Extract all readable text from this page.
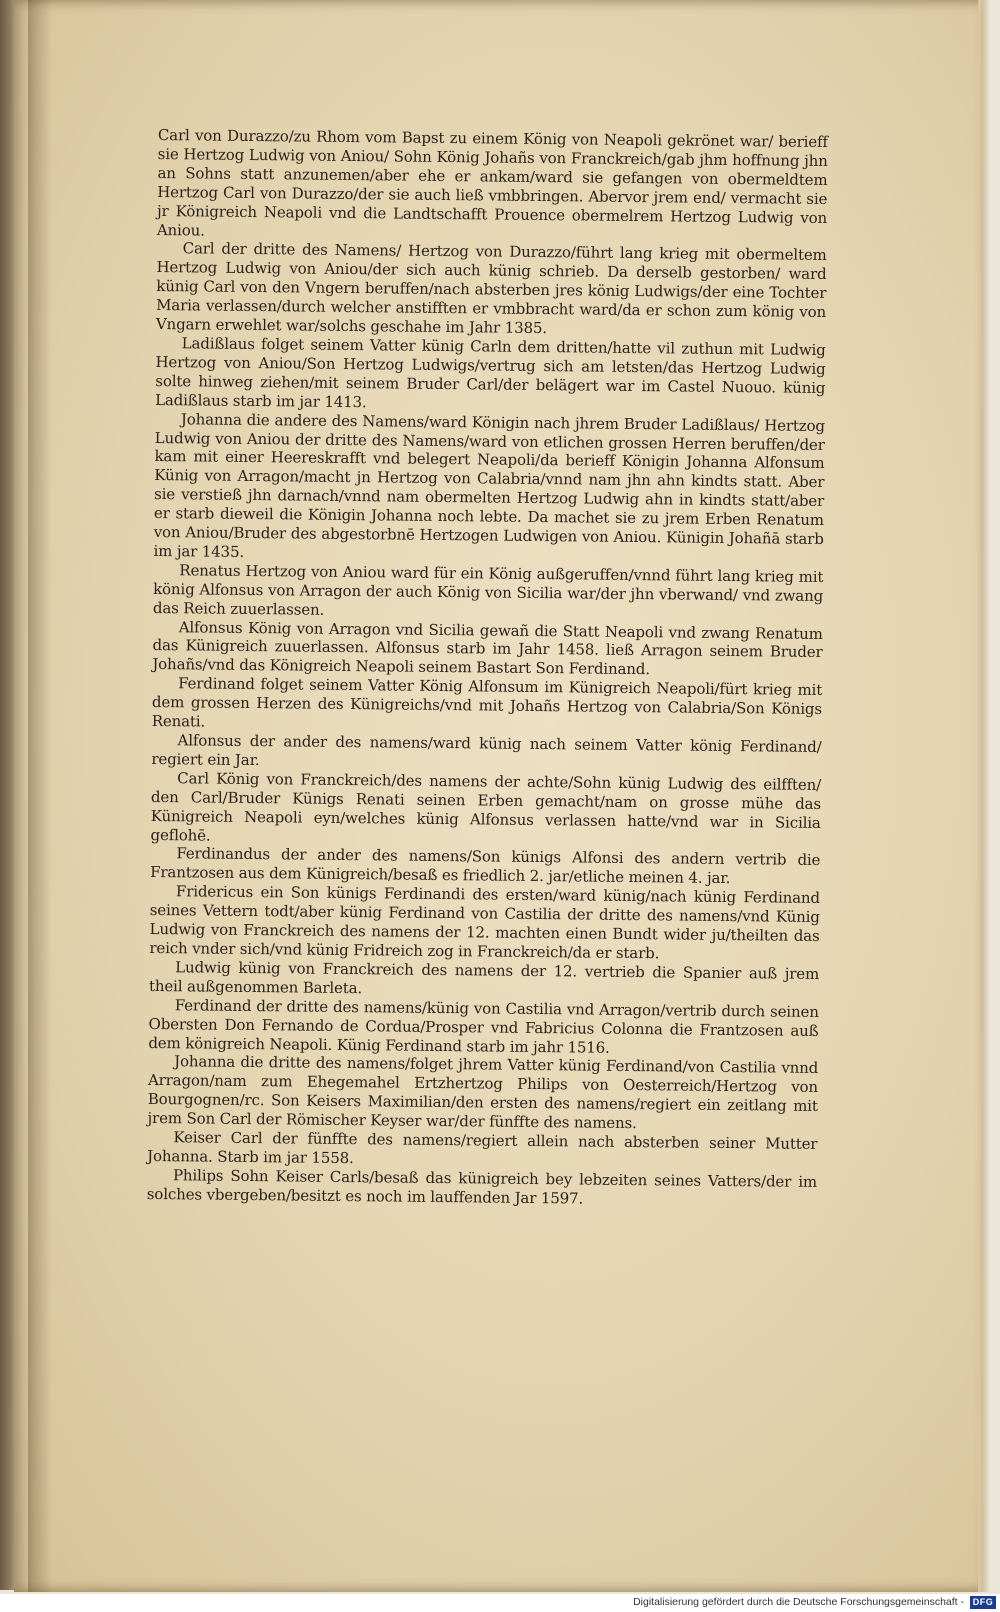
Carl von Durazzo/zu Rhom vom Bapst zu einem König von Neapoli gekrönet war/ berieff sie Hertzog Ludwig von Aniou/ Sohn König Johañs von Franckreich/gab jhm hoffnung jhn an Sohns statt anzunemen/aber ehe er ankam/ward sie gefangen von obermeldtem Hertzog Carl von Durazzo/der sie auch ließ vmbbringen. Abervor jrem end/ vermacht sie jr Königreich Neapoli vnd die Landtschafft Prouence obermelrem Hertzog Ludwig von Aniou.

Carl der dritte des Namens/ Hertzog von Durazzo/führt lang krieg mit obermeltem Hertzog Ludwig von Aniou/der sich auch künig schrieb. Da derselb gestorben/ ward künig Carl von den Vngern beruffen/nach absterben jres könig Ludwigs/der eine Tochter Maria verlassen/durch welcher anstifften er vmbbracht ward/da er schon zum könig von Vngarn erwehlet war/solchs geschahe im Jahr 1385.

Ladißlaus folget seinem Vatter künig Carln dem dritten/hatte vil zuthun mit Ludwig Hertzog von Aniou/Son Hertzog Ludwigs/vertrug sich am letsten/das Hertzog Ludwig solte hinweg ziehen/mit seinem Bruder Carl/der belägert war im Castel Nuouo. künig Ladißlaus starb im jar 1413.

Johanna die andere des Namens/ward Königin nach jhrem Bruder Ladißlaus/ Hertzog Ludwig von Aniou der dritte des Namens/ward von etlichen grossen Herren beruffen/der kam mit einer Heereskrafft vnd belegert Neapoli/da berieff Königin Johanna Alfonsum Künig von Arragon/macht jn Hertzog von Calabria/vnnd nam jhn ahn kindts statt. Aber sie verstieß jhn darnach/vnnd nam obermelten Hertzog Ludwig ahn in kindts statt/aber er starb dieweil die Königin Johanna noch lebte. Da machet sie zu jrem Erben Renatum von Aniou/Bruder des abgestorbnē Hertzogen Ludwigen von Aniou. Künigin Johañā starb im jar 1435.

Renatus Hertzog von Aniou ward für ein König außgeruffen/vnnd führt lang krieg mit könig Alfonsus von Arragon der auch König von Sicilia war/der jhn vberwand/ vnd zwang das Reich zuuerlassen.

Alfonsus König von Arragon vnd Sicilia gewañ die Statt Neapoli vnd zwang Renatum das Künigreich zuuerlassen. Alfonsus starb im Jahr 1458. ließ Arragon seinem Bruder Johañs/vnd das Königreich Neapoli seinem Bastart Son Ferdinand.

Ferdinand folget seinem Vatter König Alfonsum im Künigreich Neapoli/fürt krieg mit dem grossen Herzen des Künigreichs/vnd mit Johañs Hertzog von Calabria/Son Königs Renati.

Alfonsus der ander des namens/ward künig nach seinem Vatter könig Ferdinand/ regiert ein Jar.

Carl König von Franckreich/des namens der achte/Sohn künig Ludwig des eilfften/ den Carl/Bruder Künigs Renati seinen Erben gemacht/nam on grosse mühe das Künigreich Neapoli eyn/welches künig Alfonsus verlassen hatte/vnd war in Sicilia geflohē.

Ferdinandus der ander des namens/Son künigs Alfonsi des andern vertrib die Frantzosen aus dem Künigreich/besaß es friedlich 2. jar/etliche meinen 4. jar.

Fridericus ein Son künigs Ferdinandi des ersten/ward künig/nach künig Ferdinand seines Vettern todt/aber künig Ferdinand von Castilia der dritte des namens/vnd Künig Ludwig von Franckreich des namens der 12. machten einen Bundt wider ju/theilten das reich vnder sich/vnd künig Fridreich zog in Franckreich/da er starb.

Ludwig künig von Franckreich des namens der 12. vertrieb die Spanier auß jrem theil außgenommen Barleta.

Ferdinand der dritte des namens/künig von Castilia vnd Arragon/vertrib durch seinen Obersten Don Fernando de Cordua/Prosper vnd Fabricius Colonna die Frantzosen auß dem königreich Neapoli. Künig Ferdinand starb im jahr 1516.

Johanna die dritte des namens/folget jhrem Vatter künig Ferdinand/von Castilia vnnd Arragon/nam zum Ehegemahel Ertzhertzog Philips von Oesterreich/Hertzog von Bourgognen/rc. Son Keisers Maximilian/den ersten des namens/regiert ein zeitlang mit jrem Son Carl der Römischer Keyser war/der fünffte des namens.

Keiser Carl der fünffte des namens/regiert allein nach absterben seiner Mutter Johanna. Starb im jar 1558.

Philips Sohn Keiser Carls/besaß das künigreich bey lebzeiten seines Vatters/der im solches vbergeben/besitzt es noch im lauffenden Jar 1597.

Digitalisierung gefördert durch die Deutsche Forschungsgemeinschaft - DFG
